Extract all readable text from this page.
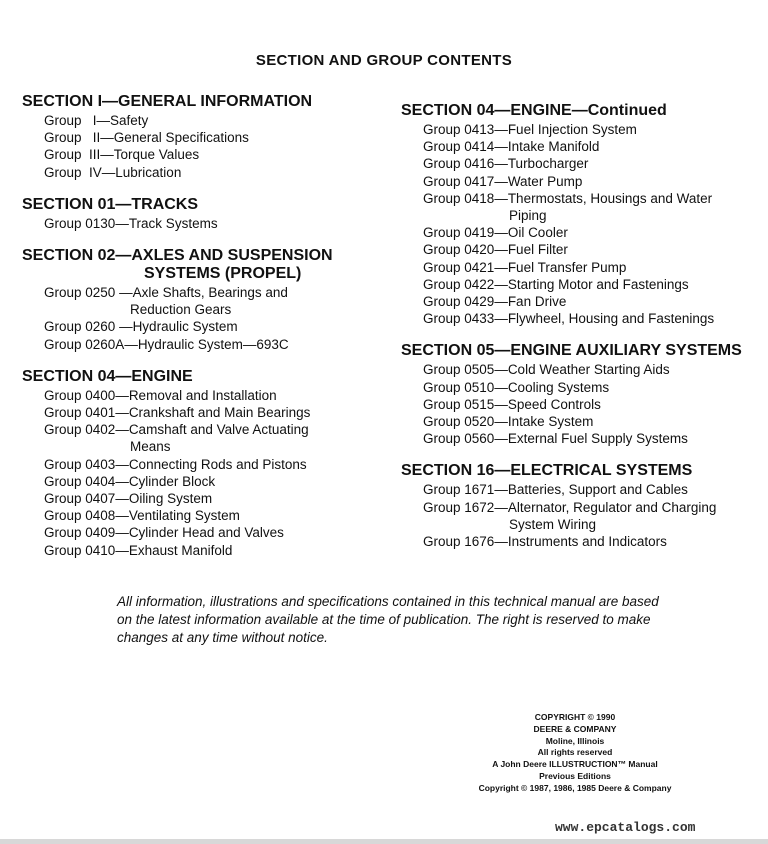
SECTION AND GROUP CONTENTS
SECTION I—GENERAL INFORMATION
Group   I—Safety
Group   II—General Specifications
Group  III—Torque Values
Group  IV—Lubrication
SECTION 01—TRACKS
Group 0130—Track Systems
SECTION 02—AXLES AND SUSPENSION SYSTEMS (PROPEL)
Group 0250 —Axle Shafts, Bearings and
Reduction Gears
Group 0260 —Hydraulic System
Group 0260A—Hydraulic System—693C
SECTION 04—ENGINE
Group 0400—Removal and Installation
Group 0401—Crankshaft and Main Bearings
Group 0402—Camshaft and Valve Actuating
Means
Group 0403—Connecting Rods and Pistons
Group 0404—Cylinder Block
Group 0407—Oiling System
Group 0408—Ventilating System
Group 0409—Cylinder Head and Valves
Group 0410—Exhaust Manifold
SECTION 04—ENGINE—Continued
Group 0413—Fuel Injection System
Group 0414—Intake Manifold
Group 0416—Turbocharger
Group 0417—Water Pump
Group 0418—Thermostats, Housings and Water
Piping
Group 0419—Oil Cooler
Group 0420—Fuel Filter
Group 0421—Fuel Transfer Pump
Group 0422—Starting Motor and Fastenings
Group 0429—Fan Drive
Group 0433—Flywheel, Housing and Fastenings
SECTION 05—ENGINE AUXILIARY SYSTEMS
Group 0505—Cold Weather Starting Aids
Group 0510—Cooling Systems
Group 0515—Speed Controls
Group 0520—Intake System
Group 0560—External Fuel Supply Systems
SECTION 16—ELECTRICAL SYSTEMS
Group 1671—Batteries, Support and Cables
Group 1672—Alternator, Regulator and Charging
System Wiring
Group 1676—Instruments and Indicators
All information, illustrations and specifications contained in this technical manual are based on the latest information available at the time of publication. The right is reserved to make changes at any time without notice.
COPYRIGHT © 1990
DEERE & COMPANY
Moline, Illinois
All rights reserved
A John Deere ILLUSTRUCTION™ Manual
Previous Editions
Copyright © 1987, 1986, 1985 Deere & Company
www.epcatalogs.com
